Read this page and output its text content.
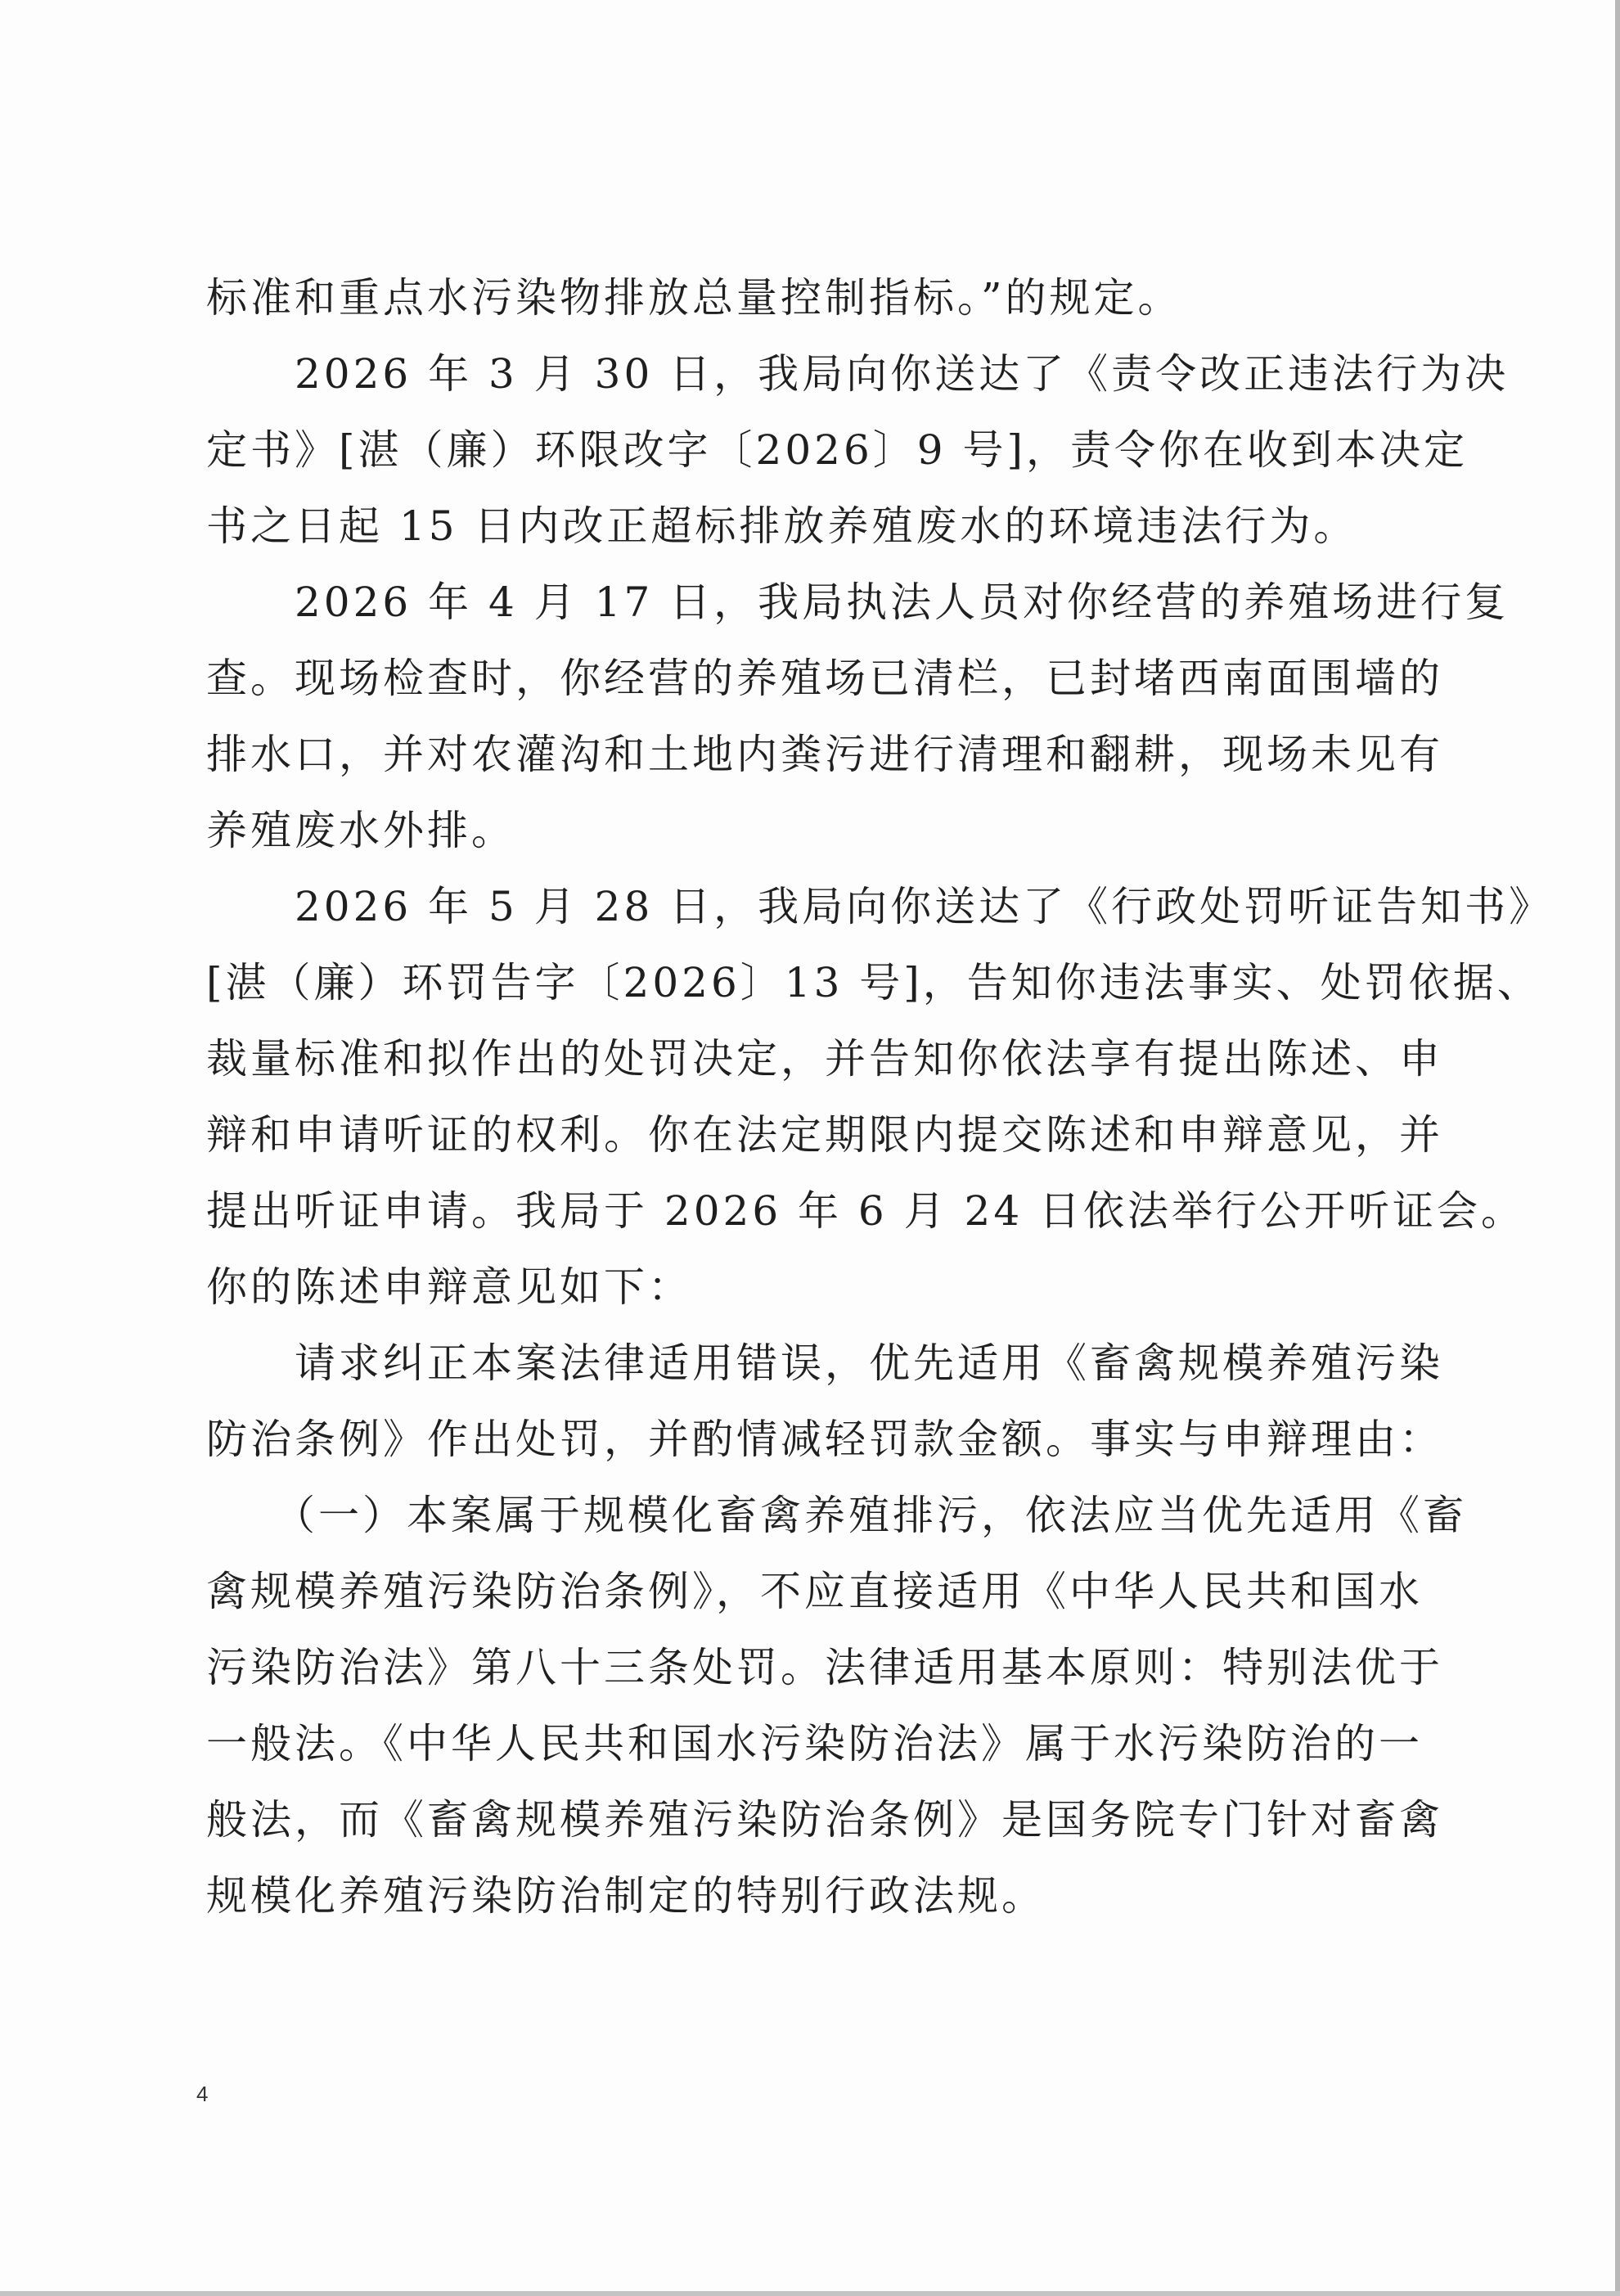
标准和重点水污染物排放总量控制指标。”的规定。
　　2026 年 3 月 30 日，我局向你送达了《责令改正违法行为决
定书》[湛（廉）环限改字〔2026〕9 号]，责令你在收到本决定
书之日起 15 日内改正超标排放养殖废水的环境违法行为。
　　2026 年 4 月 17 日，我局执法人员对你经营的养殖场进行复
查。现场检查时，你经营的养殖场已清栏，已封堵西南面围墙的
排水口，并对农灌沟和土地内粪污进行清理和翻耕，现场未见有
养殖废水外排。
　　2026 年 5 月 28 日，我局向你送达了《行政处罚听证告知书》
[湛（廉）环罚告字〔2026〕13 号]，告知你违法事实、处罚依据、
裁量标准和拟作出的处罚决定，并告知你依法享有提出陈述、申
辩和申请听证的权利。你在法定期限内提交陈述和申辩意见，并
提出听证申请。我局于 2026 年 6 月 24 日依法举行公开听证会。
你的陈述申辩意见如下：
　　请求纠正本案法律适用错误，优先适用《畜禽规模养殖污染
防治条例》作出处罚，并酌情减轻罚款金额。事实与申辩理由：
　　（一）本案属于规模化畜禽养殖排污，依法应当优先适用《畜
禽规模养殖污染防治条例》，不应直接适用《中华人民共和国水
污染防治法》第八十三条处罚。法律适用基本原则：特别法优于
一般法。《中华人民共和国水污染防治法》属于水污染防治的一
般法，而《畜禽规模养殖污染防治条例》是国务院专门针对畜禽
规模化养殖污染防治制定的特别行政法规。
4
